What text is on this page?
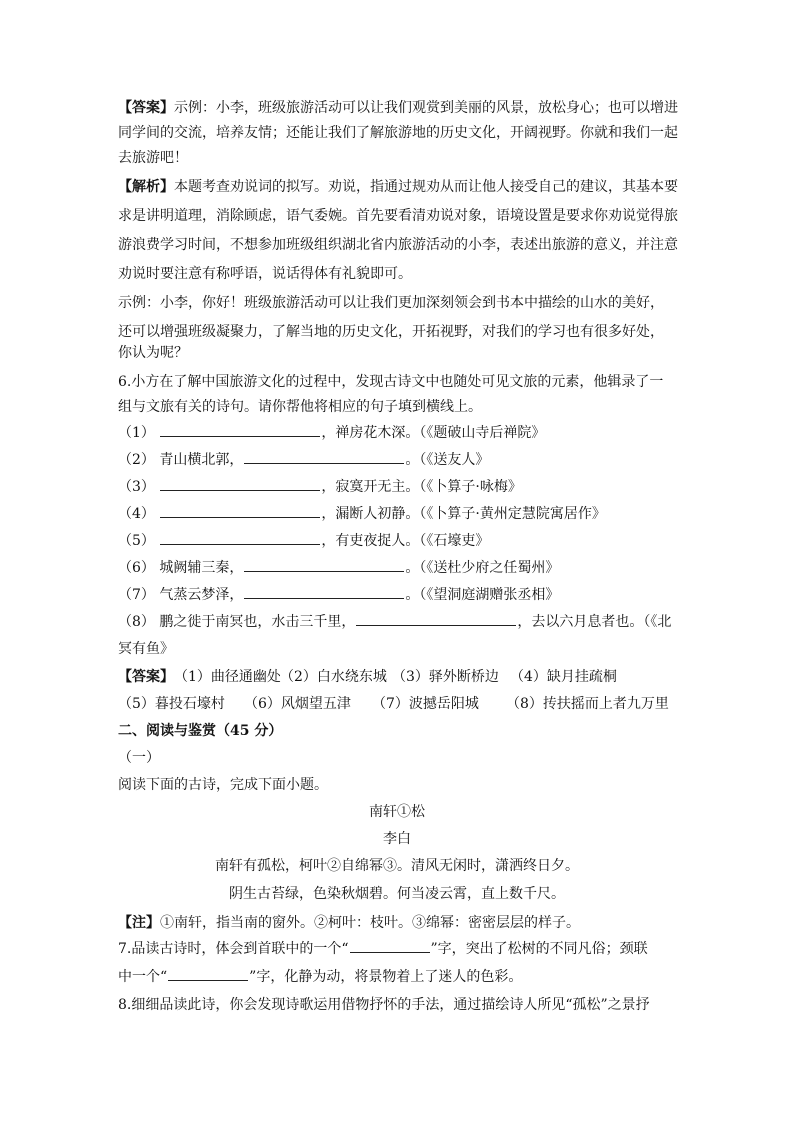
【答案】示例：小李，班级旅游活动可以让我们观赏到美丽的风景，放松身心；也可以增进
同学间的交流，培养友情；还能让我们了解旅游地的历史文化，开阔视野。你就和我们一起
去旅游吧！
【解析】本题考查劝说词的拟写。劝说，指通过规劝从而让他人接受自己的建议，其基本要
求是讲明道理，消除顾虑，语气委婉。首先要看清劝说对象，语境设置是要求你劝说觉得旅
游浪费学习时间，不想参加班级组织湖北省内旅游活动的小李，表述出旅游的意义，并注意
劝说时要注意有称呼语，说话得体有礼貌即可。
示例：小李，你好！班级旅游活动可以让我们更加深刻领会到书本中描绘的山水的美好，
还可以增强班级凝聚力，了解当地的历史文化，开拓视野，对我们的学习也有很多好处，
你认为呢？
6.小方在了解中国旅游文化的过程中，发现古诗文中也随处可见文旅的元素，他辑录了一
组与文旅有关的诗句。请你帮他将相应的句子填到横线上。
（1）	，禅房花木深。（《题破山寺后禅院》
（2） 青山横北郭，	。（《送友人》
（3）	，寂寞开无主。（《卜算子·咏梅》
（4）	，漏断人初静。（《卜算子·黄州定慧院寓居作》
（5）	，有吏夜捉人。（《石壕吏》
（6） 城阙辅三秦，	。（《送杜少府之任蜀州》
（7） 气蒸云梦泽，	。（《望洞庭湖赠张丞相》
（8） 鹏之徙于南冥也，水击三千里，	，去以六月息者也。（《北
冥有鱼》
【答案】（1）曲径通幽处（2）白水绕东城 （3）驿外断桥边 （4）缺月挂疏桐
（5）暮投石壕村 （6）风烟望五津 （7）波撼岳阳城 （8）抟扶摇而上者九万里
二、阅读与鉴赏（45 分）
（一）
阅读下面的古诗，完成下面小题。
南轩①松
李白
南轩有孤松，柯叶②自绵幂③。清风无闲时，潇洒终日夕。
阴生古苔绿，色染秋烟碧。何当凌云霄，直上数千尺。
【注】①南轩，指当南的窗外。②柯叶：枝叶。③绵幂：密密层层的样子。
7.品读古诗时，体会到首联中的一个“	”字，突出了松树的不同凡俗；颈联
中一个“	”字，化静为动，将景物着上了迷人的色彩。
8.细细品读此诗，你会发现诗歌运用借物抒怀的手法，通过描绘诗人所见“孤松”之景抒
